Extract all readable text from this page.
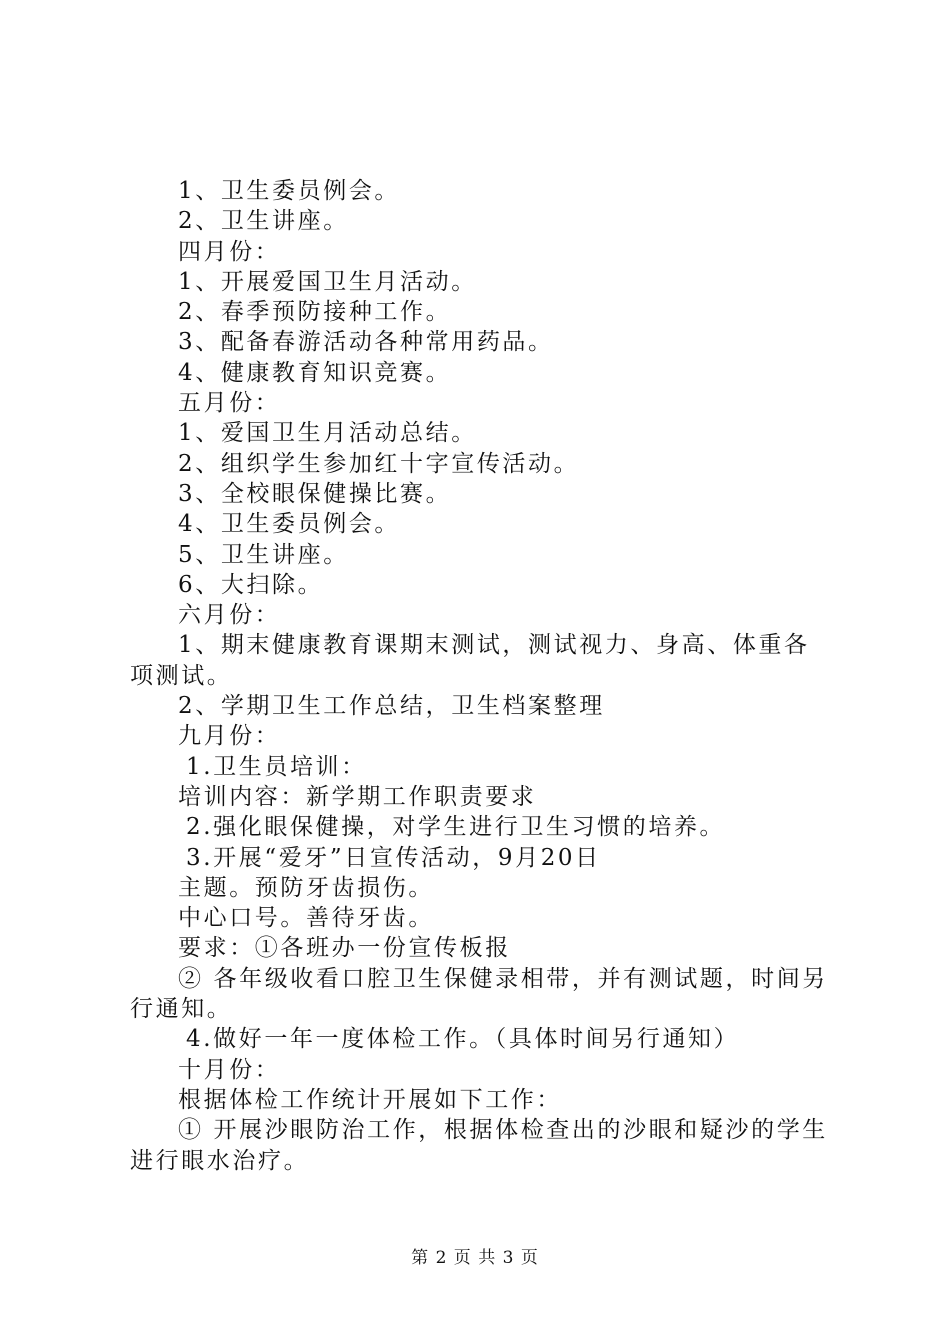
1、卫生委员例会。
2、卫生讲座。
四月份：
1、开展爱国卫生月活动。
2、春季预防接种工作。
3、配备春游活动各种常用药品。
4、健康教育知识竞赛。
五月份：
1、爱国卫生月活动总结。
2、组织学生参加红十字宣传活动。
3、全校眼保健操比赛。
4、卫生委员例会。
5、卫生讲座。
6、大扫除。
六月份：
1、期末健康教育课期末测试，测试视力、身高、体重各项测试。
2、学期卫生工作总结，卫生档案整理
九月份：
1.卫生员培训：
培训内容：新学期工作职责要求
2.强化眼保健操，对学生进行卫生习惯的培养。
3.开展“爱牙”日宣传活动，9月20日
主题。预防牙齿损伤。
中心口号。善待牙齿。
要求：①各班办一份宣传板报
② 各年级收看口腔卫生保健录相带，并有测试题，时间另行通知。
4.做好一年一度体检工作。（具体时间另行通知）
十月份：
根据体检工作统计开展如下工作：
① 开展沙眼防治工作，根据体检查出的沙眼和疑沙的学生进行眼水治疗。
第 2 页 共 3 页
